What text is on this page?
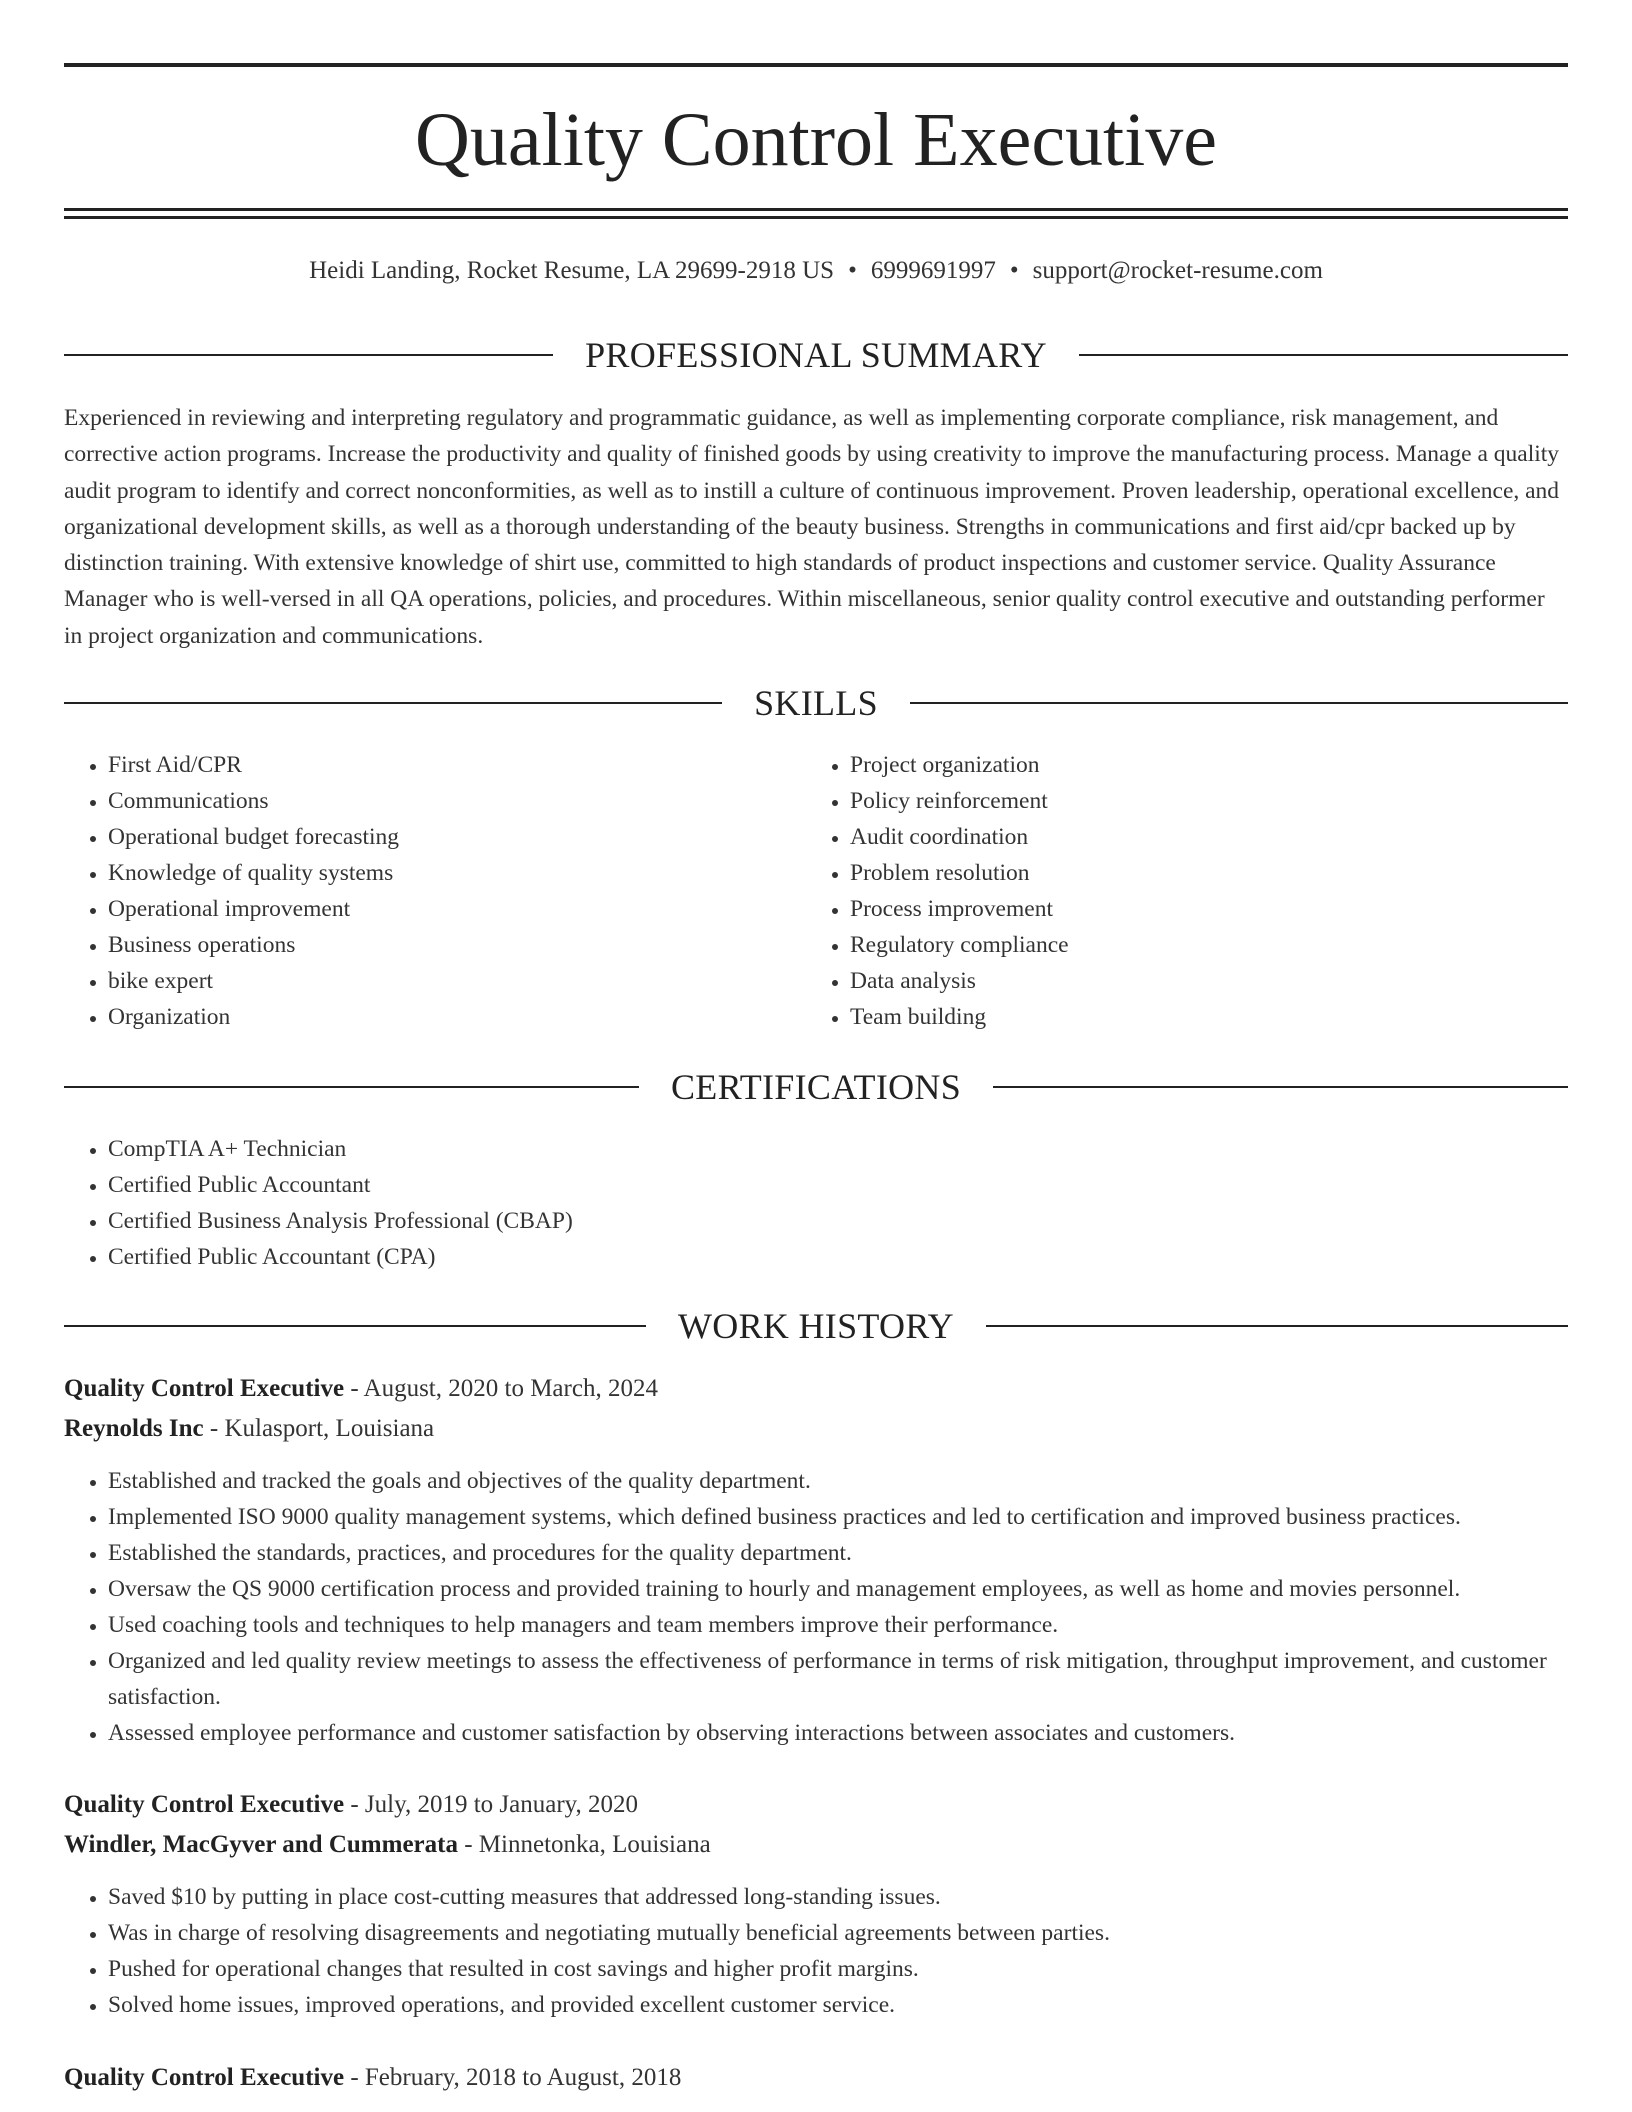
Quality Control Executive
Heidi Landing, Rocket Resume, LA 29699-2918 US • 6999691997 • support@rocket-resume.com
PROFESSIONAL SUMMARY

Experienced in reviewing and interpreting regulatory and programmatic guidance, as well as implementing corporate compliance, risk management, and corrective action programs. Increase the productivity and quality of finished goods by using creativity to improve the manufacturing process. Manage a quality audit program to identify and correct nonconformities, as well as to instill a culture of continuous improvement. Proven leadership, operational excellence, and organizational development skills, as well as a thorough understanding of the beauty business. Strengths in communications and first aid/cpr backed up by distinction training. With extensive knowledge of shirt use, committed to high standards of product inspections and customer service. Quality Assurance Manager who is well-versed in all QA operations, policies, and procedures. Within miscellaneous, senior quality control executive and outstanding performer in project organization and communications.

SKILLS
• First Aid/CPR
• Communications
• Operational budget forecasting
• Knowledge of quality systems
• Operational improvement
• Business operations
• bike expert
• Organization
• Project organization
• Policy reinforcement
• Audit coordination
• Problem resolution
• Process improvement
• Regulatory compliance
• Data analysis
• Team building
CERTIFICATIONS
• CompTIA A+ Technician
• Certified Public Accountant
• Certified Business Analysis Professional (CBAP)
• Certified Public Accountant (CPA)
WORK HISTORY
Quality Control Executive - August, 2020 to March, 2024
Reynolds Inc - Kulasport, Louisiana
• Established and tracked the goals and objectives of the quality department.
• Implemented ISO 9000 quality management systems, which defined business practices and led to certification and improved business practices.
• Established the standards, practices, and procedures for the quality department.
• Oversaw the QS 9000 certification process and provided training to hourly and management employees, as well as home and movies personnel.
• Used coaching tools and techniques to help managers and team members improve their performance.
• Organized and led quality review meetings to assess the effectiveness of performance in terms of risk mitigation, throughput improvement, and customer satisfaction.
• Assessed employee performance and customer satisfaction by observing interactions between associates and customers.
Quality Control Executive - July, 2019 to January, 2020
Windler, MacGyver and Cummerata - Minnetonka, Louisiana
• Saved $10 by putting in place cost-cutting measures that addressed long-standing issues.
• Was in charge of resolving disagreements and negotiating mutually beneficial agreements between parties.
• Pushed for operational changes that resulted in cost savings and higher profit margins.
• Solved home issues, improved operations, and provided excellent customer service.
Quality Control Executive - February, 2018 to August, 2018
